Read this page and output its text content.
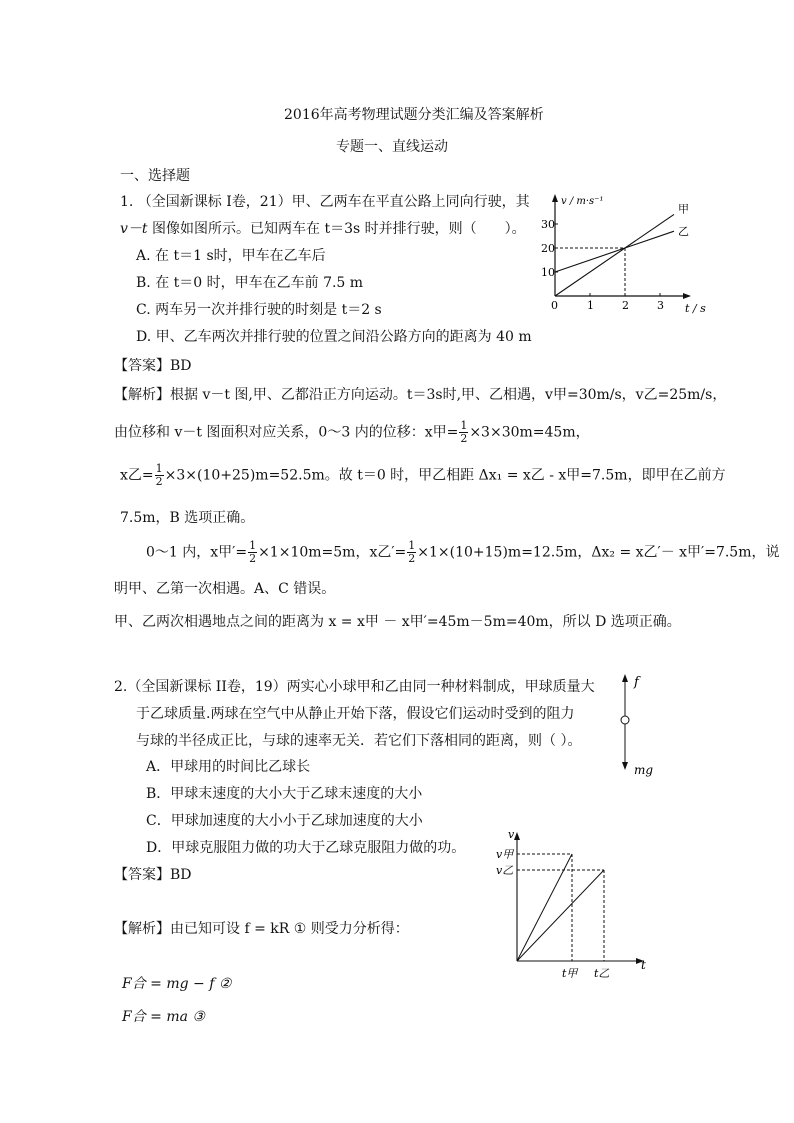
2016年高考物理试题分类汇编及答案解析
专题一、直线运动
一、选择题
1. （全国新课标 I卷，21）甲、乙两车在平直公路上同向行驶，其
v－t 图像如图所示。已知两车在 t＝3s 时并排行驶，则（　　）。
A. 在 t＝1 s时，甲车在乙车后
B. 在 t＝0 时，甲车在乙车前 7.5 m
C. 两车另一次并排行驶的时刻是 t＝2 s
D. 甲、乙车两次并排行驶的位置之间沿公路方向的距离为 40 m
【答案】BD
v / m·s⁻¹
t / s
0	1	2	3
10
20
30
甲
乙
【解析】根据 v－t 图,甲、乙都沿正方向运动。t＝3s时,甲、乙相遇，v甲=30m/s，v乙=25m/s，
由位移和 v－t 图面积对应关系，0～3 内的位移：x甲= $\frac{1}{2} \times 3\times 30m=45m$，
x乙= $\frac{1}{2} \times 3\times(10+25)m=52.5m$。故 t＝0 时，甲乙相距 Δx₁ = x乙 - x甲=7.5m，即甲在乙前方
7.5m，B 选项正确。
0～1 内，x甲′= $\frac{1}{2} \times 1\times 10m=5m$，x乙′= $\frac{1}{2} \times 1\times(10+15)m=12.5m$，Δx₂ = x乙′－ x甲′=7.5m，说
明甲、乙第一次相遇。A、C 错误。
甲、乙两次相遇地点之间的距离为 x = x甲 － x甲′=45m－5m=40m，所以 D 选项正确。
2.（全国新课标 II卷，19）两实心小球甲和乙由同一种材料制成，甲球质量大
于乙球质量.两球在空气中从静止开始下落，假设它们运动时受到的阻力
与球的半径成正比，与球的速率无关．若它们下落相同的距离，则（ ）。
A．甲球用的时间比乙球长
B．甲球末速度的大小大于乙球末速度的大小
C．甲球加速度的大小小于乙球加速度的大小
D．甲球克服阻力做的功大于乙球克服阻力做的功。
【答案】BD
f
mg
v
t
v甲
t甲
v乙
t乙
【解析】由已知可设 f = kR ① 则受力分析得：
F合 = mg − f ②
F合 = ma ③
